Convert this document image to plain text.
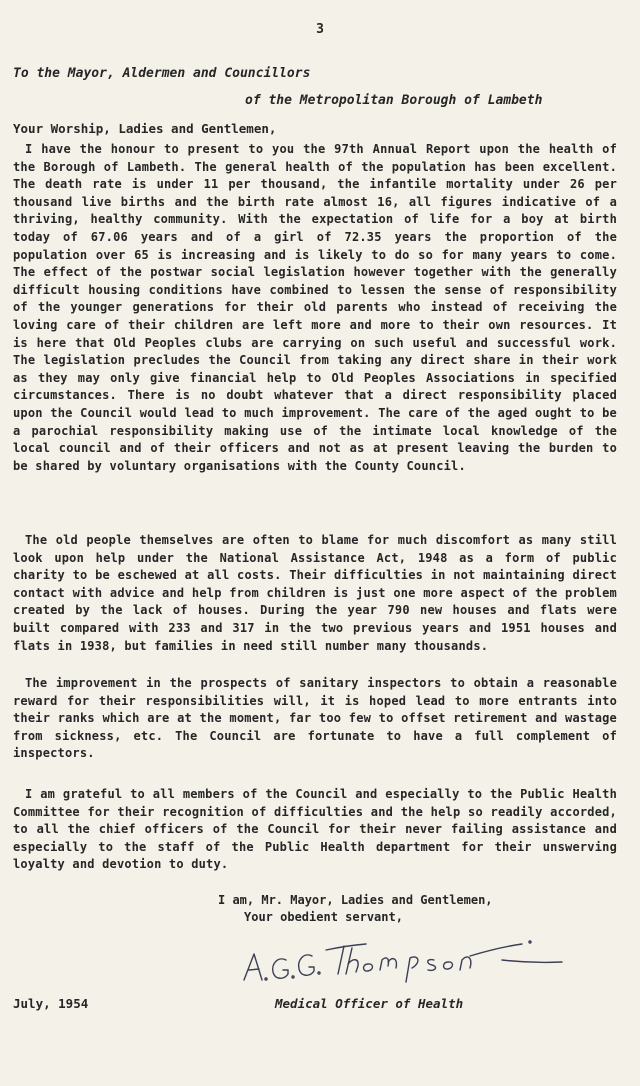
3
To the Mayor, Aldermen and Councillors
of the Metropolitan Borough of Lambeth
Your Worship, Ladies and Gentlemen,

I have the honour to present to you the 97th Annual Report upon the health of the Borough of Lambeth. The general health of the population has been excellent. The death rate is under 11 per thousand, the infantile mortality under 26 per thousand live births and the birth rate almost 16, all figures indicative of a thriving, healthy community. With the expectation of life for a boy at birth today of 67.06 years and of a girl of 72.35 years the proportion of the population over 65 is increasing and is likely to do so for many years to come. The effect of the postwar social legislation however together with the generally difficult housing conditions have combined to lessen the sense of responsibility of the younger generations for their old parents who instead of receiving the loving care of their children are left more and more to their own resources. It is here that Old Peoples clubs are carrying on such useful and successful work. The legislation precludes the Council from taking any direct share in their work as they may only give financial help to Old Peoples Associations in specified circumstances. There is no doubt whatever that a direct responsibility placed upon the Council would lead to much improvement. The care of the aged ought to be a parochial responsibility making use of the intimate local knowledge of the local council and of their officers and not as at present leaving the burden to be shared by voluntary organisations with the County Council.

The old people themselves are often to blame for much discomfort as many still look upon help under the National Assistance Act, 1948 as a form of public charity to be eschewed at all costs. Their difficulties in not maintaining direct contact with advice and help from children is just one more aspect of the problem created by the lack of houses. During the year 790 new houses and flats were built compared with 233 and 317 in the two previous years and 1951 houses and flats in 1938, but families in need still number many thousands.

The improvement in the prospects of sanitary inspectors to obtain a reasonable reward for their responsibilities will, it is hoped lead to more entrants into their ranks which are at the moment, far too few to offset retirement and wastage from sickness, etc. The Council are fortunate to have a full complement of inspectors.

I am grateful to all members of the Council and especially to the Public Health Committee for their recognition of difficulties and the help so readily accorded, to all the chief officers of the Council for their never failing assistance and especially to the staff of the Public Health department for their unswerving loyalty and devotion to duty.

I am, Mr. Mayor, Ladies and Gentlemen,
Your obedient servant,
July, 1954	Medical Officer of Health
